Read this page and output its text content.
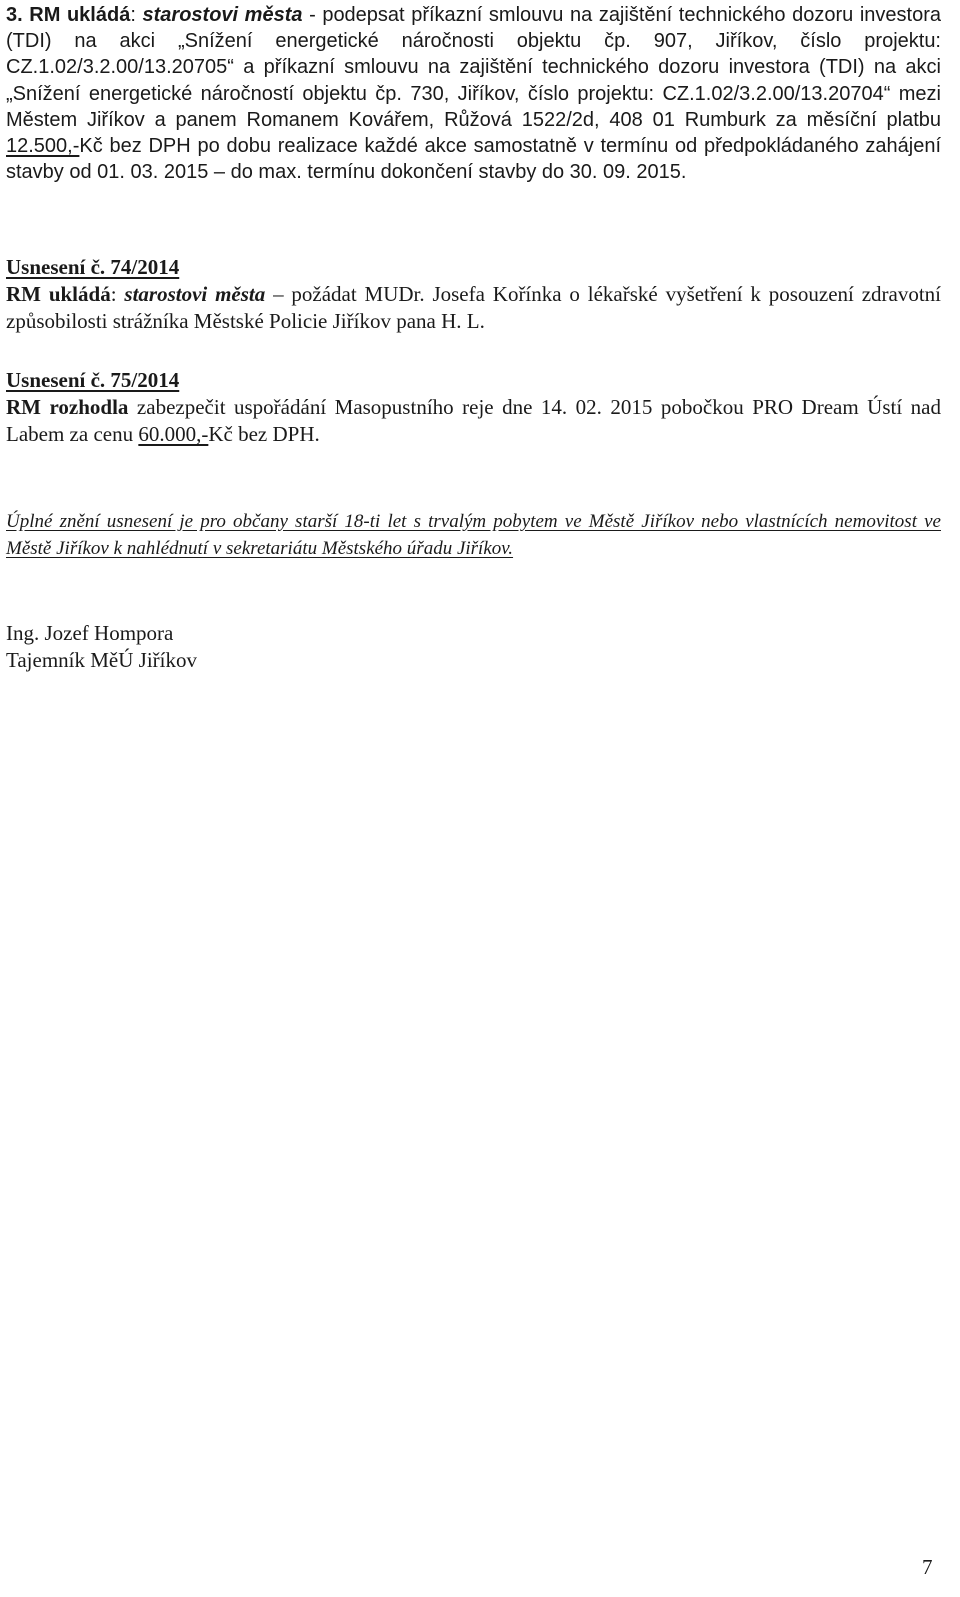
3. RM ukládá: starostovi města - podepsat příkazní smlouvu na zajištění technického dozoru investora (TDI) na akci „Snížení energetické náročnosti objektu čp. 907, Jiříkov, číslo projektu: CZ.1.02/3.2.00/13.20705“ a příkazní smlouvu na zajištění technického dozoru investora (TDI) na akci „Snížení energetické náročností objektu čp. 730, Jiříkov, číslo projektu: CZ.1.02/3.2.00/13.20704“ mezi Městem Jiříkov a panem Romanem Kovářem, Růžová 1522/2d, 408 01 Rumburk za měsíční platbu 12.500,-Kč bez DPH po dobu realizace každé akce samostatně v termínu od předpokládaného zahájení stavby od 01. 03. 2015 – do max. termínu dokončení stavby do 30. 09. 2015.
Usnesení č. 74/2014
RM ukládá: starostovi města – požádat MUDr. Josefa Kořínka o lékařské vyšetření k posouzení zdravotní způsobilosti strážníka Městské Policie Jiříkov pana H. L.
Usnesení č. 75/2014
RM rozhodla zabezpečit uspořádání Masopustního reje dne 14. 02. 2015 pobočkou PRO Dream Ústí nad Labem za cenu 60.000,-Kč bez DPH.
Úplné znění usnesení je pro občany starší 18-ti let s trvalým pobytem ve Městě Jiříkov nebo vlastnících nemovitost ve Městě Jiříkov k nahlédnutí v sekretariátu Městského úřadu Jiříkov.
Ing. Jozef Hompora
Tajemník MěÚ Jiříkov
7
